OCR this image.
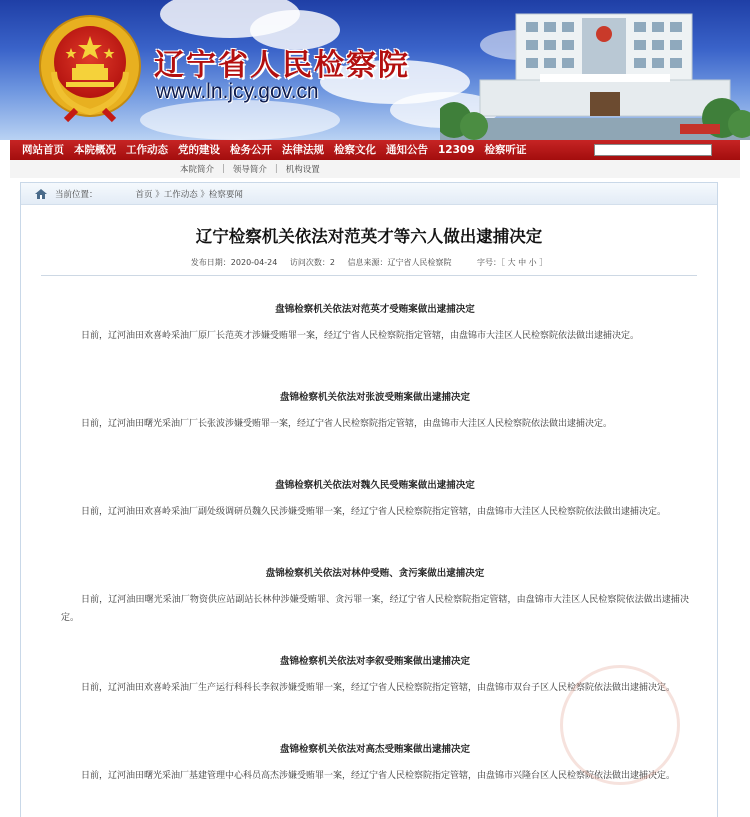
辽宁省人民检察院
www.ln.jcy.gov.cn
网站首页 本院概况 工作动态 党的建设 检务公开 法律法规 检察文化 通知公告 12309 检察听证
本院简介 | 领导简介 | 机构设置
当前位置：	首页 》工作动态 》检察要闻
辽宁检察机关依法对范英才等六人做出逮捕决定
发布日期：2020-04-24 访问次数：2 信息来源：辽宁省人民检察院	字号：［ 大 中 小 ］
盘锦检察机关依法对范英才受贿案做出逮捕决定
日前，辽河油田欢喜岭采油厂原厂长范英才涉嫌受贿罪一案，经辽宁省人民检察院指定管辖，由盘锦市大洼区人民检察院依法做出逮捕决定。
盘锦检察机关依法对张波受贿案做出逮捕决定
日前，辽河油田曙光采油厂厂长张波涉嫌受贿罪一案，经辽宁省人民检察院指定管辖，由盘锦市大洼区人民检察院依法做出逮捕决定。
盘锦检察机关依法对魏久民受贿案做出逮捕决定
日前，辽河油田欢喜岭采油厂副处级调研员魏久民涉嫌受贿罪一案，经辽宁省人民检察院指定管辖，由盘锦市大洼区人民检察院依法做出逮捕决定。
盘锦检察机关依法对林仲受贿、贪污案做出逮捕决定
日前，辽河油田曙光采油厂物资供应站副站长林仲涉嫌受贿罪、贪污罪一案，经辽宁省人民检察院指定管辖，由盘锦市大洼区人民检察院依法做出逮捕决定。
盘锦检察机关依法对李叙受贿案做出逮捕决定
日前，辽河油田欢喜岭采油厂生产运行科科长李叙涉嫌受贿罪一案，经辽宁省人民检察院指定管辖，由盘锦市双台子区人民检察院依法做出逮捕决定。
盘锦检察机关依法对高杰受贿案做出逮捕决定
日前，辽河油田曙光采油厂基建管理中心科员高杰涉嫌受贿罪一案，经辽宁省人民检察院指定管辖，由盘锦市兴隆台区人民检察院依法做出逮捕决定。
